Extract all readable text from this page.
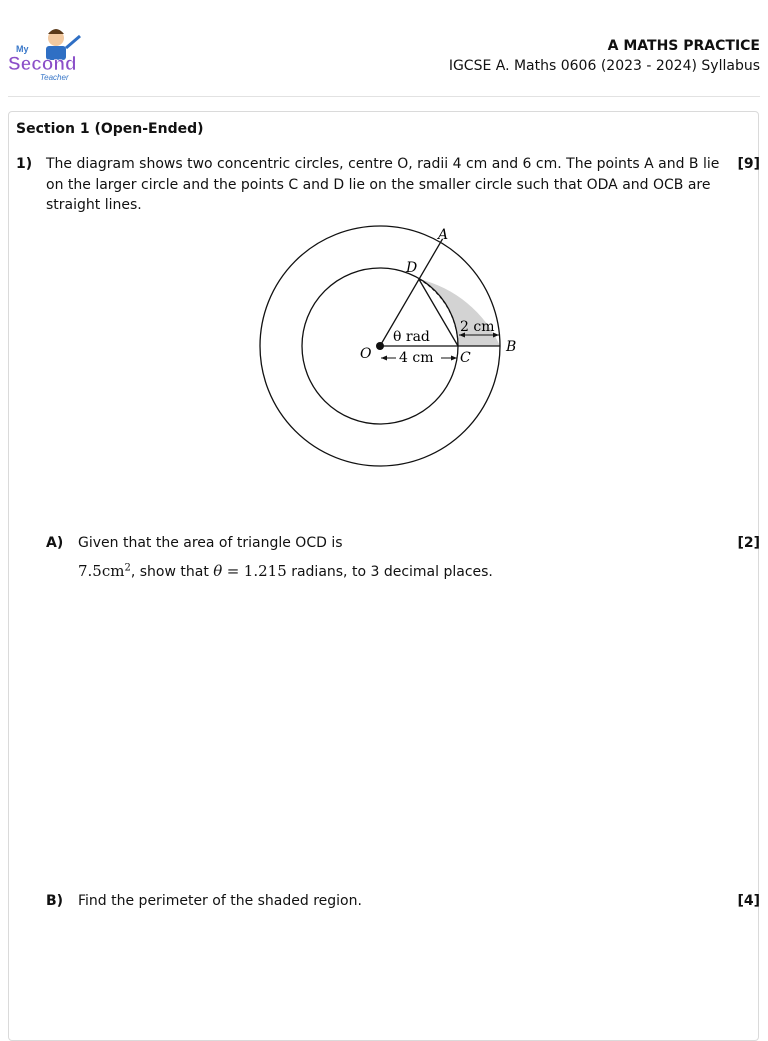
My
Second
Teacher
A MATHS PRACTICE
IGCSE A. Maths 0606 (2023 - 2024) Syllabus
Section 1 (Open-Ended)
1) The diagram shows two concentric circles, centre O, radii 4 cm and 6 cm. The points A and B lie on the larger circle and the points C and D lie on the smaller circle such that ODA and OCB are straight lines.
[9]
A
B
C
D
O
θ rad
4 cm
2 cm
A) Given that the area of triangle OCD is	[2]
$7.5cm^2$, show that θ = 1.215 radians, to 3 decimal places.
B) Find the perimeter of the shaded region.	[4]
